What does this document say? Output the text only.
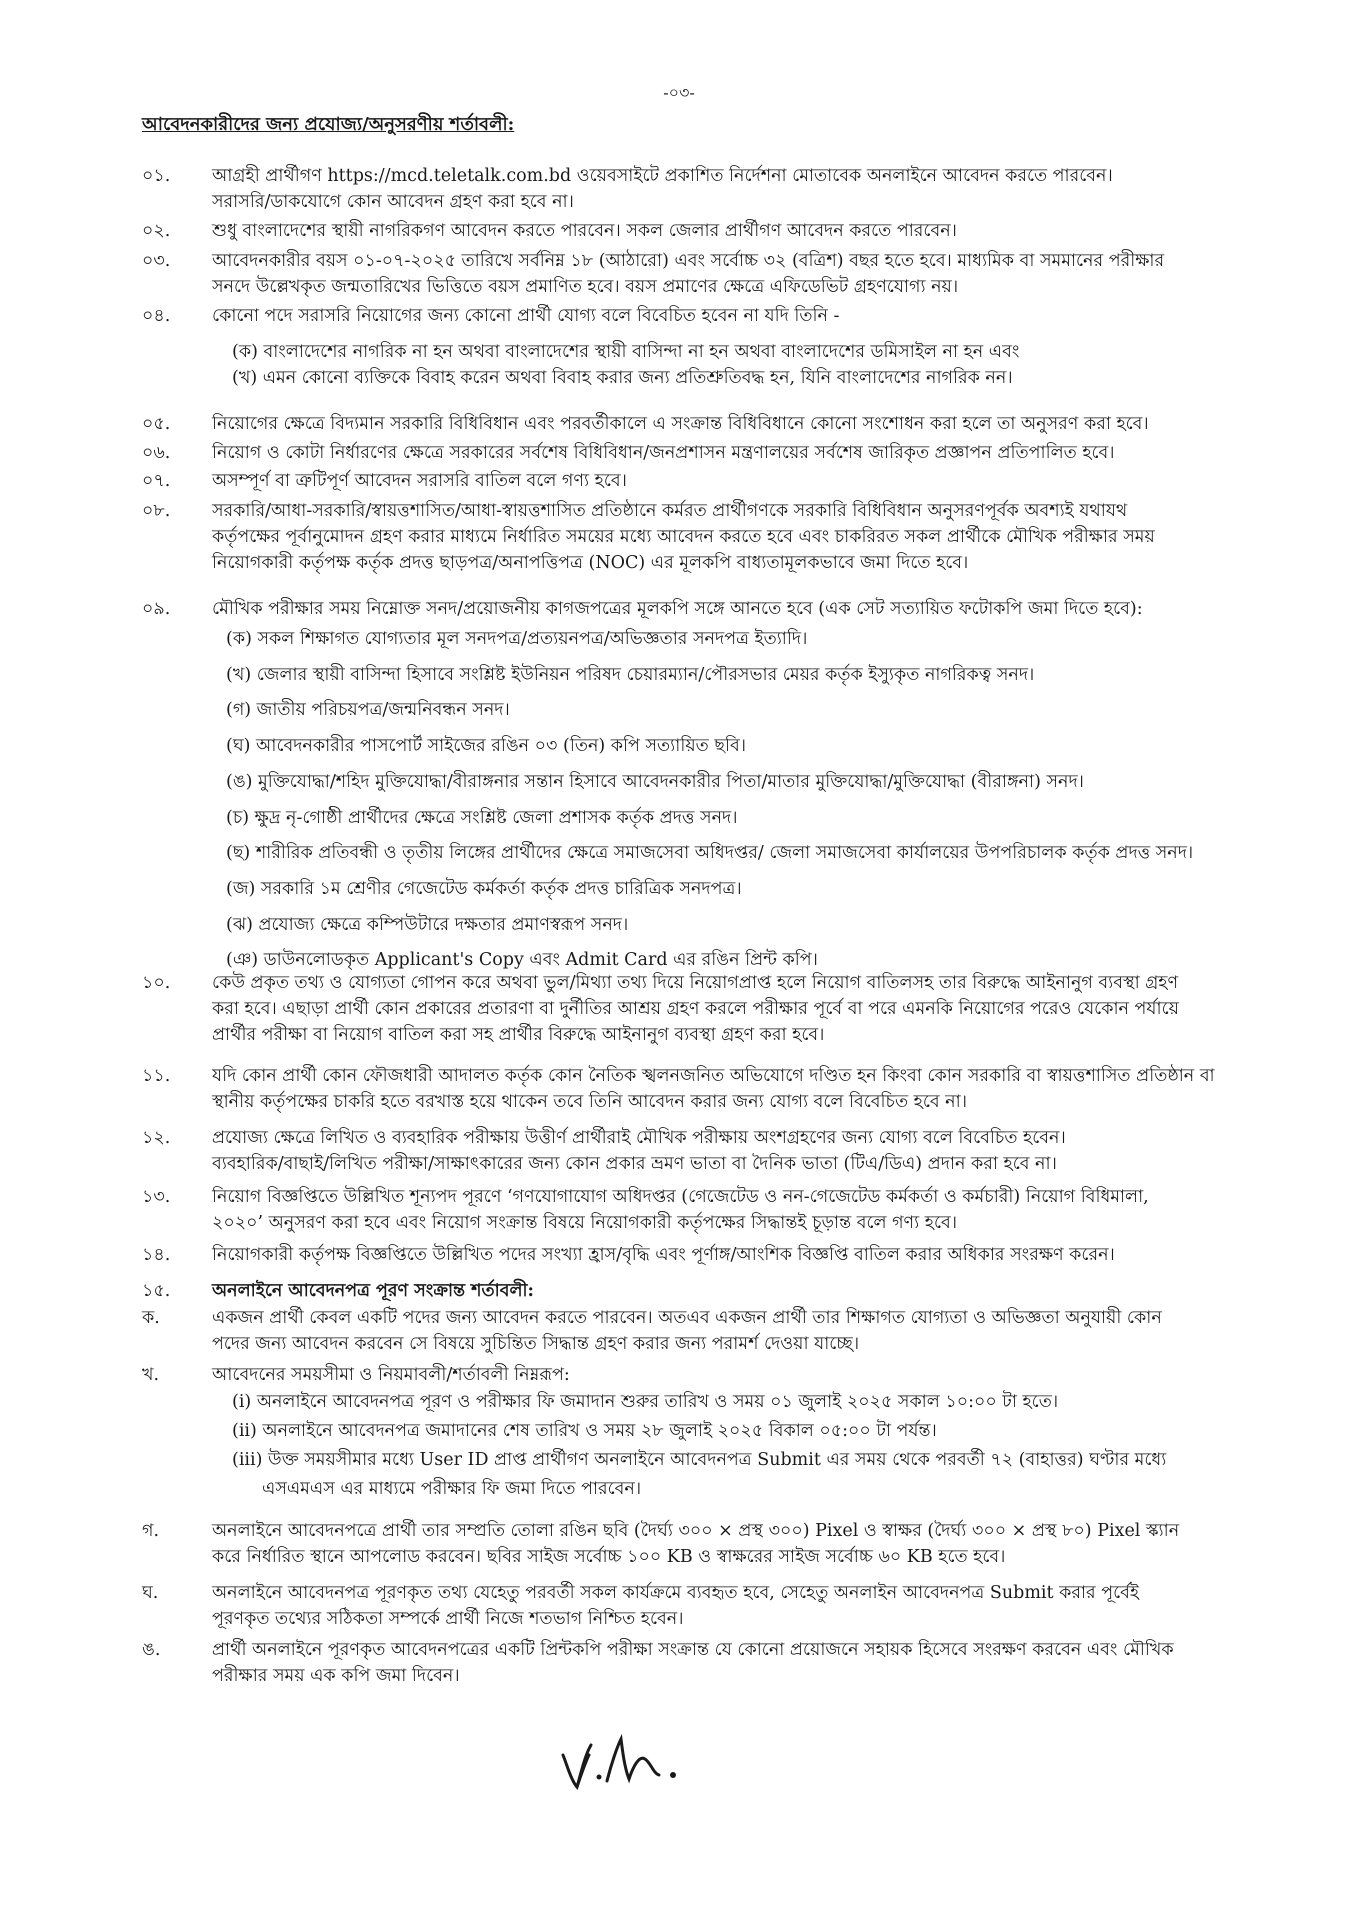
-০৩-
আবেদনকারীদের জন্য প্রযোজ্য/অনুসরণীয় শর্তাবলী:
০১.	আগ্রহী প্রার্থীগণ https://mcd.teletalk.com.bd ওয়েবসাইটে প্রকাশিত নির্দেশনা মোতাবেক অনলাইনে আবেদন করতে পারবেন।

সরাসরি/ডাকযোগে কোন আবেদন গ্রহণ করা হবে না।

০২.	শুধু বাংলাদেশের স্থায়ী নাগরিকগণ আবেদন করতে পারবেন। সকল জেলার প্রার্থীগণ আবেদন করতে পারবেন।

০৩.	আবেদনকারীর বয়স ০১-০৭-২০২৫ তারিখে সর্বনিম্ন ১৮ (আঠারো) এবং সর্বোচ্চ ৩২ (বত্রিশ) বছর হতে হবে। মাধ্যমিক বা সমমানের পরীক্ষার

সনদে উল্লেখকৃত জন্মতারিখের ভিত্তিতে বয়স প্রমাণিত হবে। বয়স প্রমাণের ক্ষেত্রে এফিডেভিট গ্রহণযোগ্য নয়।

০৪.	কোনো পদে সরাসরি নিয়োগের জন্য কোনো প্রার্থী যোগ্য বলে বিবেচিত হবেন না যদি তিনি -

(ক) বাংলাদেশের নাগরিক না হন অথবা বাংলাদেশের স্থায়ী বাসিন্দা না হন অথবা বাংলাদেশের ডমিসাইল না হন এবং
(খ) এমন কোনো ব্যক্তিকে বিবাহ করেন অথবা বিবাহ করার জন্য প্রতিশ্রুতিবদ্ধ হন, যিনি বাংলাদেশের নাগরিক নন।
০৫.	নিয়োগের ক্ষেত্রে বিদ্যমান সরকারি বিধিবিধান এবং পরবর্তীকালে এ সংক্রান্ত বিধিবিধানে কোনো সংশোধন করা হলে তা অনুসরণ করা হবে।

০৬.	নিয়োগ ও কোটা নির্ধারণের ক্ষেত্রে সরকারের সর্বশেষ বিধিবিধান/জনপ্রশাসন মন্ত্রণালয়ের সর্বশেষ জারিকৃত প্রজ্ঞাপন প্রতিপালিত হবে।

০৭.	অসম্পূর্ণ বা ত্রুটিপূর্ণ আবেদন সরাসরি বাতিল বলে গণ্য হবে।

০৮.	সরকারি/আধা-সরকারি/স্বায়ত্তশাসিত/আধা-স্বায়ত্তশাসিত প্রতিষ্ঠানে কর্মরত প্রার্থীগণকে সরকারি বিধিবিধান অনুসরণপূর্বক অবশ্যই যথাযথ

কর্তৃপক্ষের পূর্বানুমোদন গ্রহণ করার মাধ্যমে নির্ধারিত সময়ের মধ্যে আবেদন করতে হবে এবং চাকরিরত সকল প্রার্থীকে মৌখিক পরীক্ষার সময়

নিয়োগকারী কর্তৃপক্ষ কর্তৃক প্রদত্ত ছাড়পত্র/অনাপত্তিপত্র (NOC) এর মূলকপি বাধ্যতামূলকভাবে জমা দিতে হবে।

০৯.	মৌখিক পরীক্ষার সময় নিম্নোক্ত সনদ/প্রয়োজনীয় কাগজপত্রের মূলকপি সঙ্গে আনতে হবে (এক সেট সত্যায়িত ফটোকপি জমা দিতে হবে):

(ক) সকল শিক্ষাগত যোগ্যতার মূল সনদপত্র/প্রত্যয়নপত্র/অভিজ্ঞতার সনদপত্র ইত্যাদি।
(খ) জেলার স্থায়ী বাসিন্দা হিসাবে সংশ্লিষ্ট ইউনিয়ন পরিষদ চেয়ারম্যান/পৌরসভার মেয়র কর্তৃক ইস্যুকৃত নাগরিকত্ব সনদ।
(গ) জাতীয় পরিচয়পত্র/জন্মনিবন্ধন সনদ।
(ঘ) আবেদনকারীর পাসপোর্ট সাইজের রঙিন ০৩ (তিন) কপি সত্যায়িত ছবি।
(ঙ) মুক্তিযোদ্ধা/শহিদ মুক্তিযোদ্ধা/বীরাঙ্গনার সন্তান হিসাবে আবেদনকারীর পিতা/মাতার মুক্তিযোদ্ধা/মুক্তিযোদ্ধা (বীরাঙ্গনা) সনদ।
(চ) ক্ষুদ্র নৃ-গোষ্ঠী প্রার্থীদের ক্ষেত্রে সংশ্লিষ্ট জেলা প্রশাসক কর্তৃক প্রদত্ত সনদ।
(ছ) শারীরিক প্রতিবন্ধী ও তৃতীয় লিঙ্গের প্রার্থীদের ক্ষেত্রে সমাজসেবা অধিদপ্তর/ জেলা সমাজসেবা কার্যালয়ের উপপরিচালক কর্তৃক প্রদত্ত সনদ।
(জ) সরকারি ১ম শ্রেণীর গেজেটেড কর্মকর্তা কর্তৃক প্রদত্ত চারিত্রিক সনদপত্র।
(ঝ) প্রযোজ্য ক্ষেত্রে কম্পিউটারে দক্ষতার প্রমাণস্বরূপ সনদ।
(ঞ) ডাউনলোডকৃত Applicant's Copy এবং Admit Card এর রঙিন প্রিন্ট কপি।
১০.	কেউ প্রকৃত তথ্য ও যোগ্যতা গোপন করে অথবা ভুল/মিথ্যা তথ্য দিয়ে নিয়োগপ্রাপ্ত হলে নিয়োগ বাতিলসহ তার বিরুদ্ধে আইনানুগ ব্যবস্থা গ্রহণ

করা হবে। এছাড়া প্রার্থী কোন প্রকারের প্রতারণা বা দুর্নীতির আশ্রয় গ্রহণ করলে পরীক্ষার পূর্বে বা পরে এমনকি নিয়োগের পরেও যেকোন পর্যায়ে

প্রার্থীর পরীক্ষা বা নিয়োগ বাতিল করা সহ প্রার্থীর বিরুদ্ধে আইনানুগ ব্যবস্থা গ্রহণ করা হবে।

১১.	যদি কোন প্রার্থী কোন ফৌজধারী আদালত কর্তৃক কোন নৈতিক স্খলনজনিত অভিযোগে দণ্ডিত হন কিংবা কোন সরকারি বা স্বায়ত্তশাসিত প্রতিষ্ঠান বা

স্থানীয় কর্তৃপক্ষের চাকরি হতে বরখাস্ত হয়ে থাকেন তবে তিনি আবেদন করার জন্য যোগ্য বলে বিবেচিত হবে না।

১২.	প্রযোজ্য ক্ষেত্রে লিখিত ও ব্যবহারিক পরীক্ষায় উত্তীর্ণ প্রার্থীরাই মৌখিক পরীক্ষায় অংশগ্রহণের জন্য যোগ্য বলে বিবেচিত হবেন।

ব্যবহারিক/বাছাই/লিখিত পরীক্ষা/সাক্ষাৎকারের জন্য কোন প্রকার ভ্রমণ ভাতা বা দৈনিক ভাতা (টিএ/ডিএ) প্রদান করা হবে না।

১৩.	নিয়োগ বিজ্ঞপ্তিতে উল্লিখিত শূন্যপদ পূরণে ‘গণযোগাযোগ অধিদপ্তর (গেজেটেড ও নন-গেজেটেড কর্মকর্তা ও কর্মচারী) নিয়োগ বিধিমালা,

২০২০’ অনুসরণ করা হবে এবং নিয়োগ সংক্রান্ত বিষয়ে নিয়োগকারী কর্তৃপক্ষের সিদ্ধান্তই চূড়ান্ত বলে গণ্য হবে।

১৪.	নিয়োগকারী কর্তৃপক্ষ বিজ্ঞপ্তিতে উল্লিখিত পদের সংখ্যা হ্রাস/বৃদ্ধি এবং পূর্ণাঙ্গ/আংশিক বিজ্ঞপ্তি বাতিল করার অধিকার সংরক্ষণ করেন।

১৫.	অনলাইনে আবেদনপত্র পূরণ সংক্রান্ত শর্তাবলী:

ক.	একজন প্রার্থী কেবল একটি পদের জন্য আবেদন করতে পারবেন। অতএব একজন প্রার্থী তার শিক্ষাগত যোগ্যতা ও অভিজ্ঞতা অনুযায়ী কোন

পদের জন্য আবেদন করবেন সে বিষয়ে সুচিন্তিত সিদ্ধান্ত গ্রহণ করার জন্য পরামর্শ দেওয়া যাচ্ছে।

খ.	আবেদনের সময়সীমা ও নিয়মাবলী/শর্তাবলী নিম্নরূপ:

(i) অনলাইনে আবেদনপত্র পূরণ ও পরীক্ষার ফি জমাদান শুরুর তারিখ ও সময় ০১ জুলাই ২০২৫ সকাল ১০:০০ টা হতে।
(ii) অনলাইনে আবেদনপত্র জমাদানের শেষ তারিখ ও সময় ২৮ জুলাই ২০২৫ বিকাল ০৫:০০ টা পর্যন্ত।
(iii) উক্ত সময়সীমার মধ্যে User ID প্রাপ্ত প্রার্থীগণ অনলাইনে আবেদনপত্র Submit এর সময় থেকে পরবর্তী ৭২ (বাহাত্তর) ঘণ্টার মধ্যে
এসএমএস এর মাধ্যমে পরীক্ষার ফি জমা দিতে পারবেন।
গ.	অনলাইনে আবেদনপত্রে প্রার্থী তার সম্প্রতি তোলা রঙিন ছবি (দৈর্ঘ্য ৩০০ × প্রস্থ ৩০০) Pixel ও স্বাক্ষর (দৈর্ঘ্য ৩০০ × প্রস্থ ৮০) Pixel স্ক্যান

করে নির্ধারিত স্থানে আপলোড করবেন। ছবির সাইজ সর্বোচ্চ ১০০ KB ও স্বাক্ষরের সাইজ সর্বোচ্চ ৬০ KB হতে হবে।

ঘ.	অনলাইনে আবেদনপত্র পূরণকৃত তথ্য যেহেতু পরবর্তী সকল কার্যক্রমে ব্যবহৃত হবে, সেহেতু অনলাইন আবেদনপত্র Submit করার পূর্বেই

পূরণকৃত তথ্যের সঠিকতা সম্পর্কে প্রার্থী নিজে শতভাগ নিশ্চিত হবেন।

ঙ.	প্রার্থী অনলাইনে পূরণকৃত আবেদনপত্রের একটি প্রিন্টকপি পরীক্ষা সংক্রান্ত যে কোনো প্রয়োজনে সহায়ক হিসেবে সংরক্ষণ করবেন এবং মৌখিক

পরীক্ষার সময় এক কপি জমা দিবেন।
